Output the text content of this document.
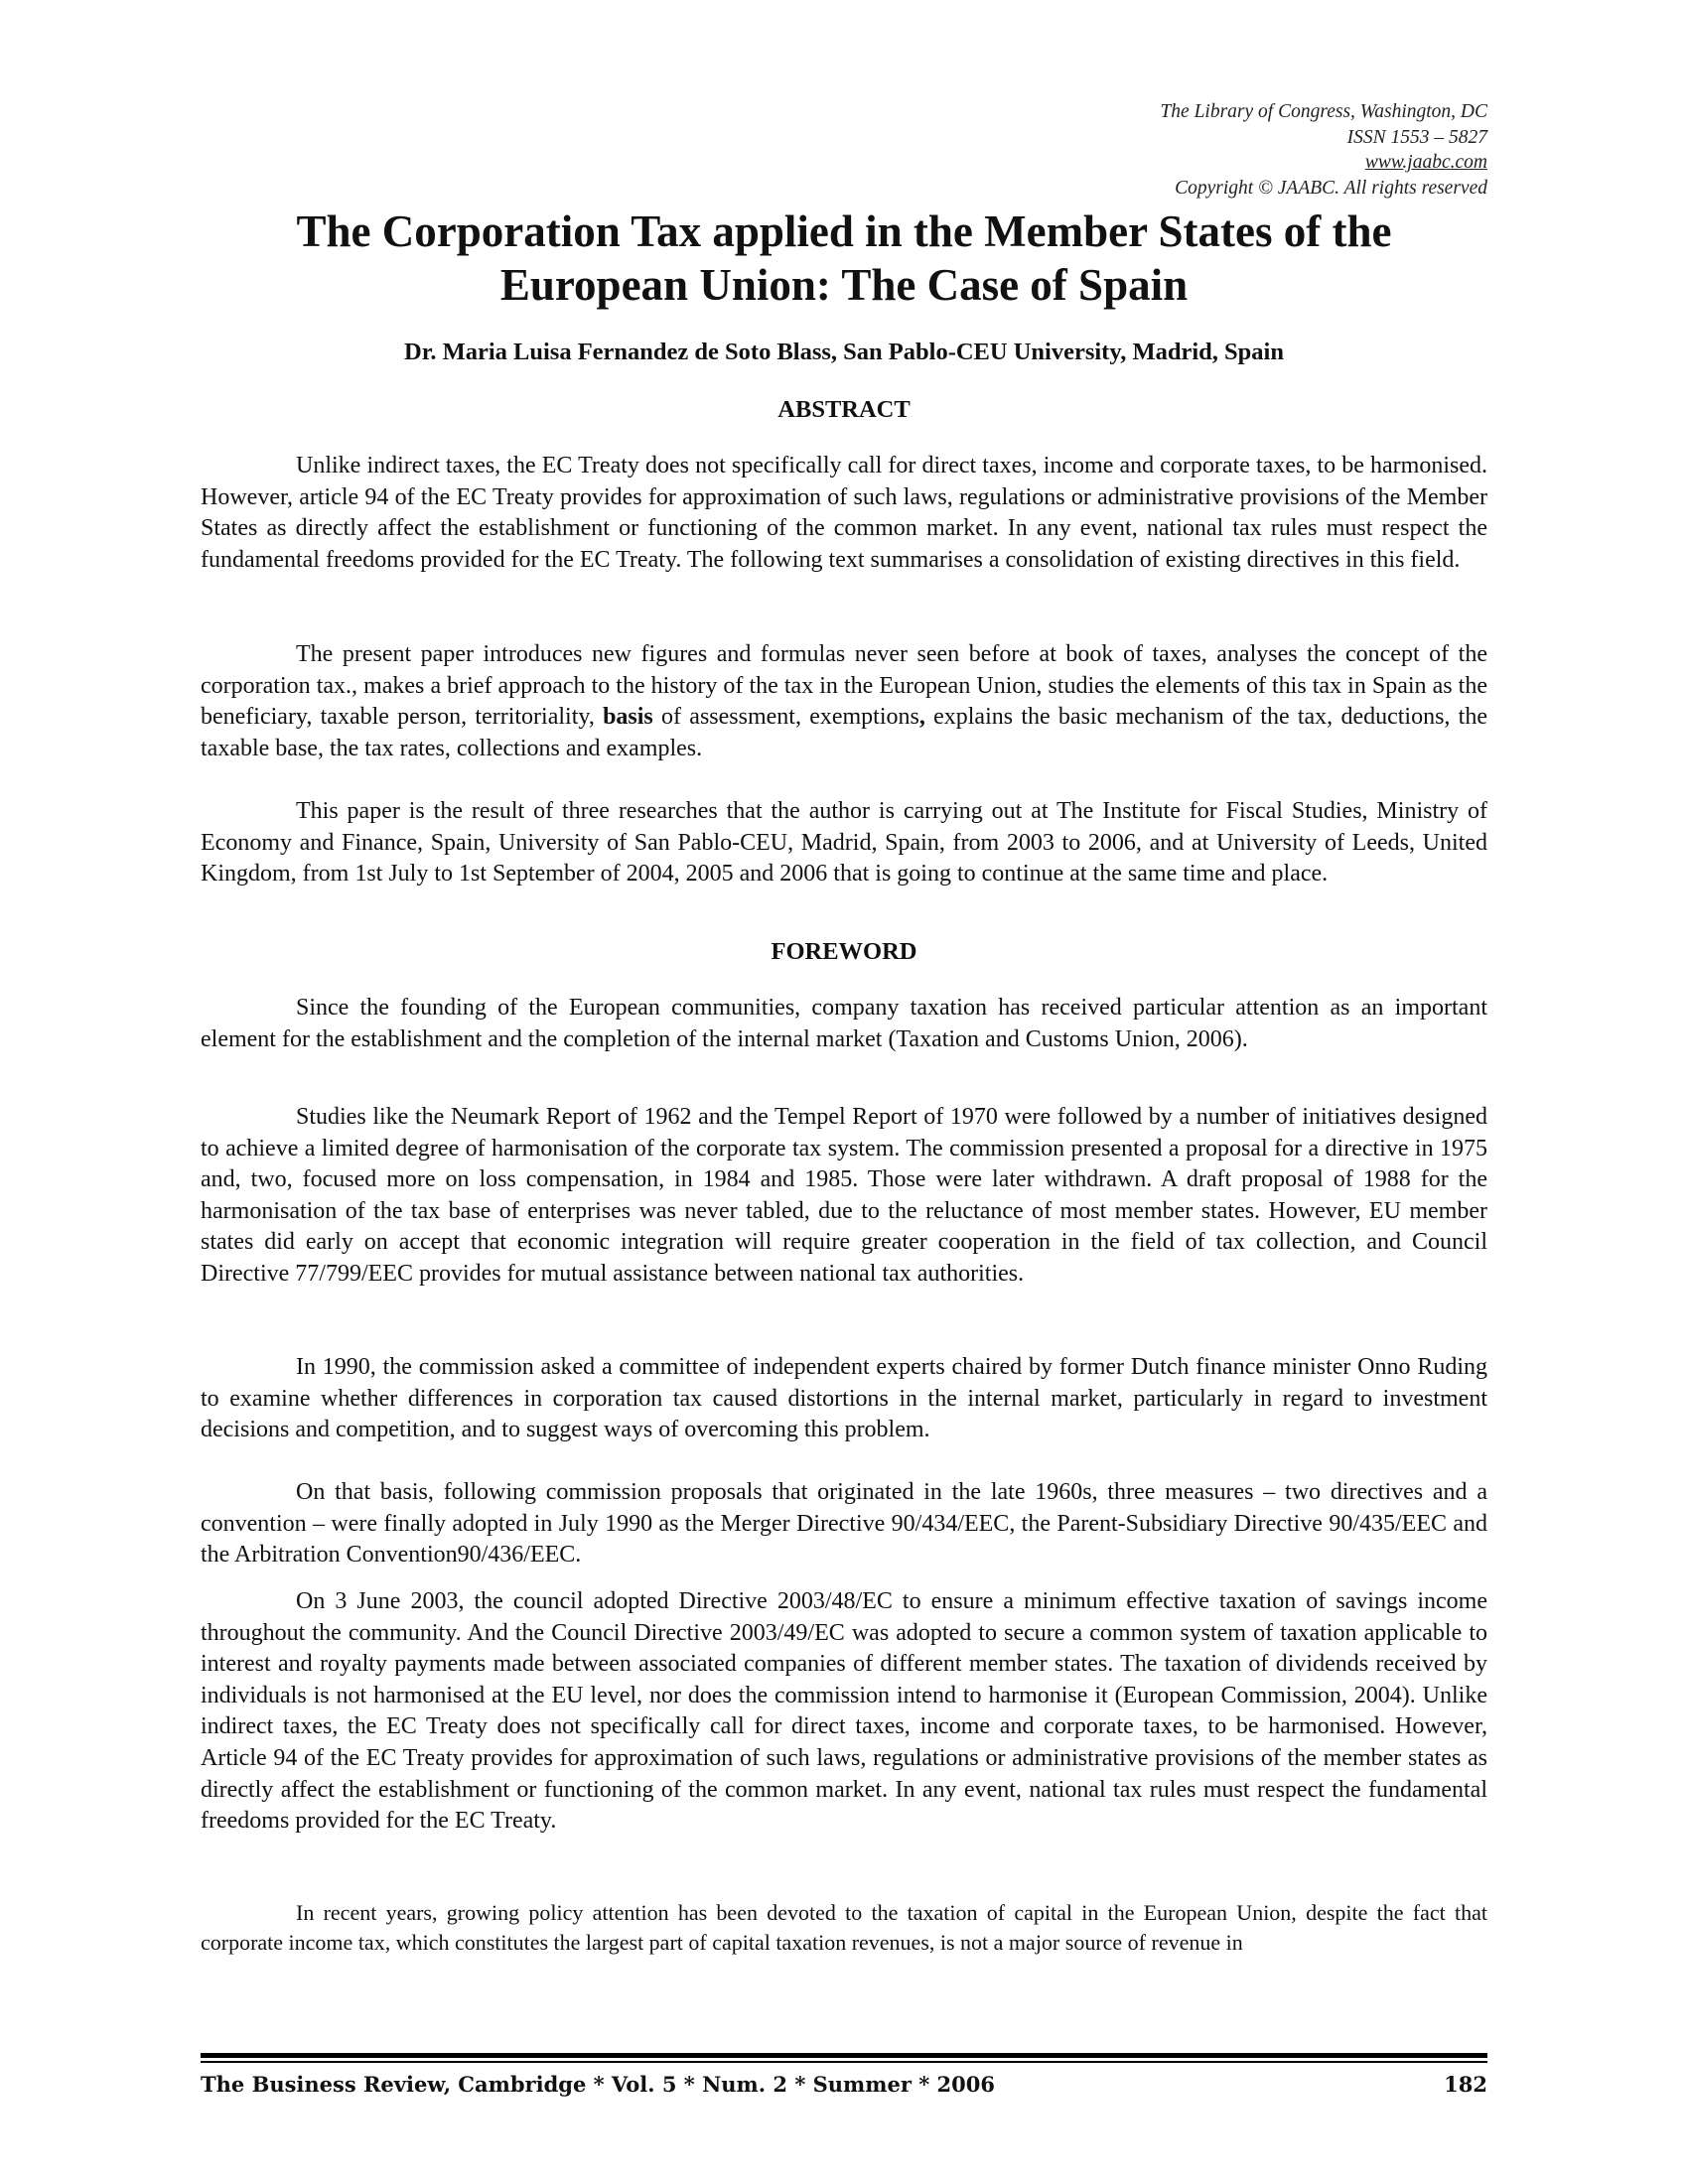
The Library of Congress, Washington, DC
ISSN 1553 – 5827
www.jaabc.com
Copyright © JAABC. All rights reserved
The Corporation Tax applied in the Member States of the European Union: The Case of Spain

Dr. Maria Luisa Fernandez de Soto Blass, San Pablo-CEU University, Madrid, Spain

ABSTRACT

Unlike indirect taxes, the EC Treaty does not specifically call for direct taxes, income and corporate taxes, to be harmonised. However, article 94 of the EC Treaty provides for approximation of such laws, regulations or administrative provisions of the Member States as directly affect the establishment or functioning of the common market. In any event, national tax rules must respect the fundamental freedoms provided for the EC Treaty. The following text summarises a consolidation of existing directives in this field.

The present paper introduces new figures and formulas never seen before at book of taxes, analyses the concept of the corporation tax., makes a brief approach to the history of the tax in the European Union, studies the elements of this tax in Spain as the beneficiary, taxable person, territoriality, basis of assessment, exemptions, explains the basic mechanism of the tax, deductions, the taxable base, the tax rates, collections and examples.

This paper is the result of three researches that the author is carrying out at The Institute for Fiscal Studies, Ministry of Economy and Finance, Spain, University of San Pablo-CEU, Madrid, Spain, from 2003 to 2006, and at University of Leeds, United Kingdom, from 1st July to 1st September of 2004, 2005 and 2006 that is going to continue at the same time and place.

FOREWORD

Since the founding of the European communities, company taxation has received particular attention as an important element for the establishment and the completion of the internal market (Taxation and Customs Union, 2006).

Studies like the Neumark Report of 1962 and the Tempel Report of 1970 were followed by a number of initiatives designed to achieve a limited degree of harmonisation of the corporate tax system. The commission presented a proposal for a directive in 1975 and, two, focused more on loss compensation, in 1984 and 1985. Those were later withdrawn. A draft proposal of 1988 for the harmonisation of the tax base of enterprises was never tabled, due to the reluctance of most member states. However, EU member states did early on accept that economic integration will require greater cooperation in the field of tax collection, and Council Directive 77/799/EEC provides for mutual assistance between national tax authorities.

In 1990, the commission asked a committee of independent experts chaired by former Dutch finance minister Onno Ruding to examine whether differences in corporation tax caused distortions in the internal market, particularly in regard to investment decisions and competition, and to suggest ways of overcoming this problem.

On that basis, following commission proposals that originated in the late 1960s, three measures – two directives and a convention – were finally adopted in July 1990 as the Merger Directive 90/434/EEC, the Parent-Subsidiary Directive 90/435/EEC and the Arbitration Convention90/436/EEC.

On 3 June 2003, the council adopted Directive 2003/48/EC to ensure a minimum effective taxation of savings income throughout the community. And the Council Directive 2003/49/EC was adopted to secure a common system of taxation applicable to interest and royalty payments made between associated companies of different member states. The taxation of dividends received by individuals is not harmonised at the EU level, nor does the commission intend to harmonise it (European Commission, 2004). Unlike indirect taxes, the EC Treaty does not specifically call for direct taxes, income and corporate taxes, to be harmonised. However, Article 94 of the EC Treaty provides for approximation of such laws, regulations or administrative provisions of the member states as directly affect the establishment or functioning of the common market. In any event, national tax rules must respect the fundamental freedoms provided for the EC Treaty.

In recent years, growing policy attention has been devoted to the taxation of capital in the European Union, despite the fact that corporate income tax, which constitutes the largest part of capital taxation revenues, is not a major source of revenue in

The Business Review, Cambridge * Vol. 5 * Num. 2 * Summer * 2006	182
